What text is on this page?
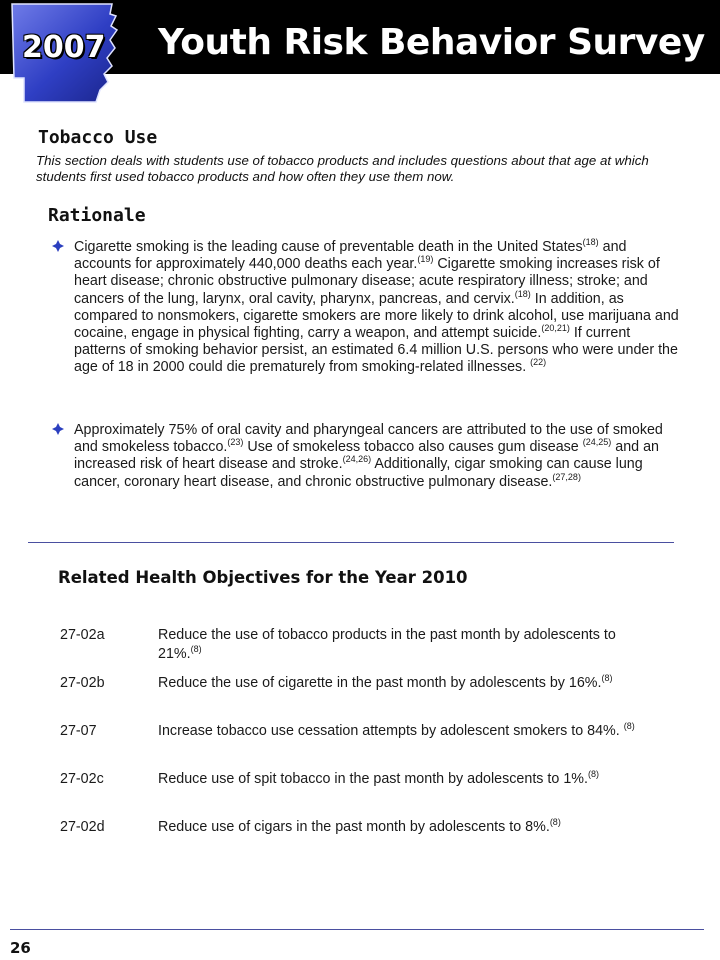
2007 Youth Risk Behavior Survey
Tobacco Use
This section deals with students use of tobacco products and includes questions about that age at which students first used tobacco products and how often they use them now.
Rationale
Cigarette smoking is the leading cause of preventable death in the United States$^{(18)}$ and accounts for approximately 440,000 deaths each year.$^{(19)}$ Cigarette smoking increases risk of heart disease; chronic obstructive pulmonary disease; acute respiratory illness; stroke; and cancers of the lung, larynx, oral cavity, pharynx, pancreas, and cervix.$^{(18)}$ In addition, as compared to nonsmokers, cigarette smokers are more likely to drink alcohol, use marijuana and cocaine, engage in physical fighting, carry a weapon, and attempt suicide.$^{(20,21)}$ If current patterns of smoking behavior persist, an estimated 6.4 million U.S. persons who were under the age of 18 in 2000 could die prematurely from smoking-related illnesses. $^{(22)}$
Approximately 75% of oral cavity and pharyngeal cancers are attributed to the use of smoked and smokeless tobacco.$^{(23)}$ Use of smokeless tobacco also causes gum disease $^{(24,25)}$ and an increased risk of heart disease and stroke.$^{(24,26)}$ Additionally, cigar smoking can cause lung cancer, coronary heart disease, and chronic obstructive pulmonary disease.$^{(27,28)}$
Related Health Objectives for the Year 2010
27-02a	Reduce the use of tobacco products in the past month by adolescents to 21%.$^{(8)}$
27-02b	Reduce the use of cigarette in the past month by adolescents by 16%.$^{(8)}$
27-07	Increase tobacco use cessation attempts by adolescent smokers to 84%. $^{(8)}$
27-02c	Reduce use of spit tobacco in the past month by adolescents to 1%.$^{(8)}$
27-02d	Reduce use of cigars in the past month by adolescents to 8%.$^{(8)}$
26
